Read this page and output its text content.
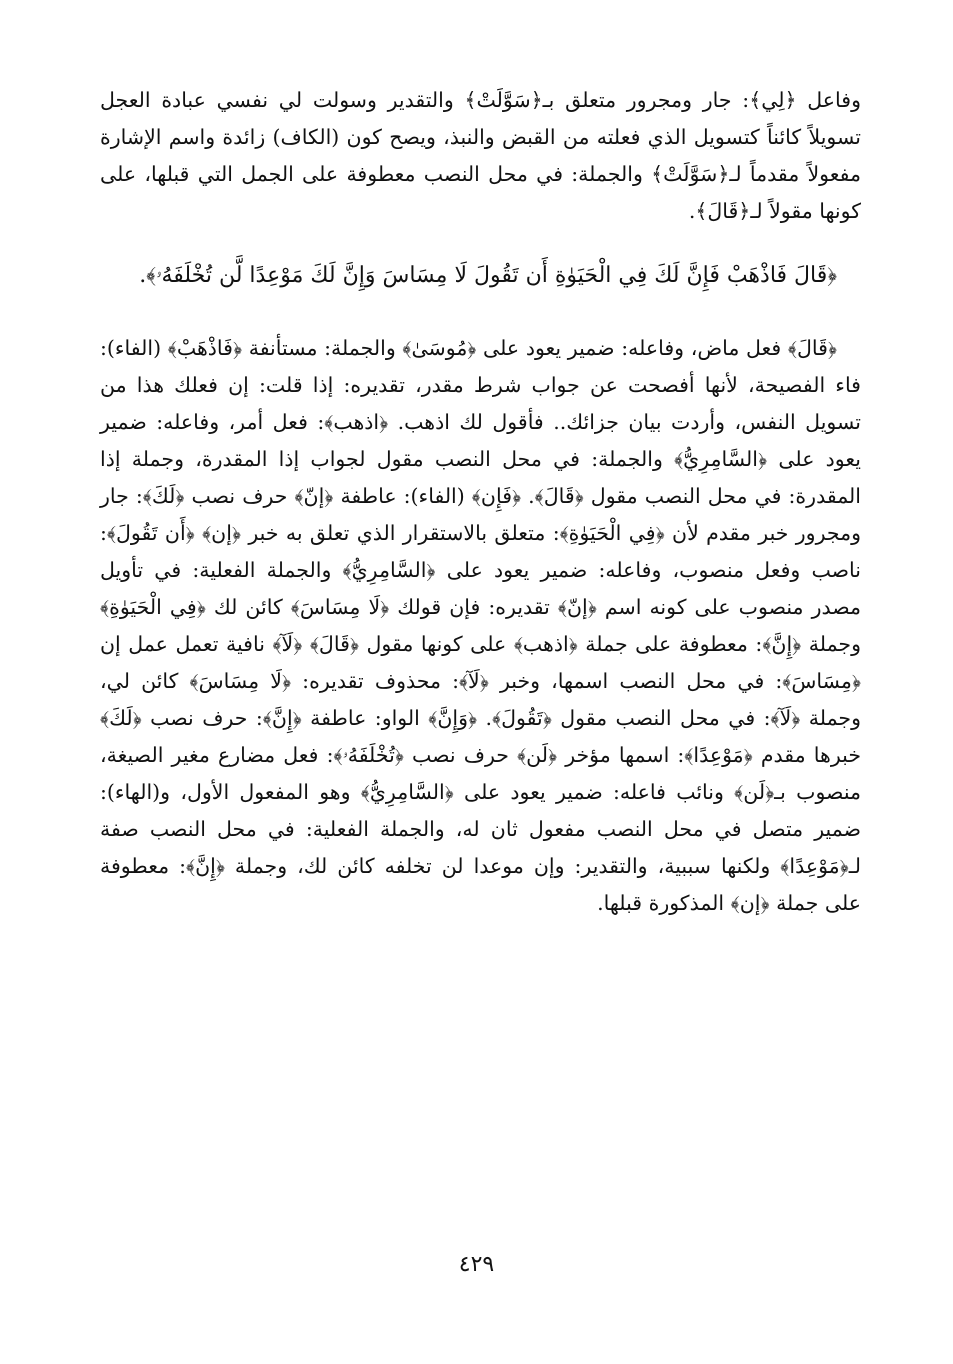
وفاعل ﴿لِي﴾: جار ومجرور متعلق بـ﴿سَوَّلَتْ﴾ والتقدير وسولت لي نفسي عبادة العجل تسويلاً كائناً كتسويل الذي فعلته من القبض والنبذ، ويصح كون (الكاف) زائدة واسم الإشارة مفعولاً مقدماً لـ﴿سَوَّلَتْ﴾ والجملة: في محل النصب معطوفة على الجمل التي قبلها، على كونها مقولاً لـ﴿قَالَ﴾.

﴿قَالَ فَاذْهَبْ فَإِنَّ لَكَ فِي الْحَيَوٰةِ أَن تَقُولَ لَا مِسَاسَ وَإِنَّ لَكَ مَوْعِدًا لَّن تُخْلَفَهُۥ﴾.

﴿قَالَ﴾ فعل ماض، وفاعله: ضمير يعود على ﴿مُوسَىٰ﴾ والجملة: مستأنفة ﴿فَاذْهَبْ﴾ (الفاء): فاء الفصيحة، لأنها أفصحت عن جواب شرط مقدر، تقديره: إذا قلت: إن فعلك هذا من تسويل النفس، وأردت بيان جزائك.. فأقول لك اذهب. ﴿اذهب﴾: فعل أمر، وفاعله: ضمير يعود على ﴿السَّامِرِيُّ﴾ والجملة: في محل النصب مقول لجواب إذا المقدرة، وجملة إذا المقدرة: في محل النصب مقول ﴿قَالَ﴾. ﴿فَإِن﴾ (الفاء): عاطفة ﴿إنّ﴾ حرف نصب ﴿لَكَ﴾: جار ومجرور خبر مقدم لأن ﴿فِي الْحَيَوٰةِ﴾: متعلق بالاستقرار الذي تعلق به خبر ﴿إن﴾ ﴿أَن تَقُولَ﴾: ناصب وفعل منصوب، وفاعله: ضمير يعود على ﴿السَّامِرِيُّ﴾ والجملة الفعلية: في تأويل مصدر منصوب على كونه اسم ﴿إنّ﴾ تقديره: فإن قولك ﴿لَا مِسَاسَ﴾ كائن لك ﴿فِي الْحَيَوٰةِ﴾ وجملة ﴿إِنَّ﴾: معطوفة على جملة ﴿اذهب﴾ على كونها مقول ﴿قَالَ﴾ ﴿لَآ﴾ نافية تعمل عمل إن ﴿مِسَاسَ﴾: في محل النصب اسمها، وخبر ﴿لَآ﴾: محذوف تقديره: ﴿لَا مِسَاسَ﴾ كائن لي، وجملة ﴿لَآ﴾: في محل النصب مقول ﴿تَقُولَ﴾. ﴿وَإِنَّ﴾ الواو: عاطفة ﴿إِنَّ﴾: حرف نصب ﴿لَكَ﴾ خبرها مقدم ﴿مَوْعِدًا﴾: اسمها مؤخر ﴿لَن﴾ حرف نصب ﴿تُخْلَفَهُۥ﴾: فعل مضارع مغير الصيغة، منصوب بـ﴿لَن﴾ ونائب فاعله: ضمير يعود على ﴿السَّامِرِيُّ﴾ وهو المفعول الأول، و(الهاء): ضمير متصل في محل النصب مفعول ثان له، والجملة الفعلية: في محل النصب صفة لـ﴿مَوْعِدًا﴾ ولكنها سببية، والتقدير: وإن موعدا لن تخلفه كائن لك، وجملة ﴿إِنَّ﴾: معطوفة على جملة ﴿إن﴾ المذكورة قبلها.

٤٢٩
